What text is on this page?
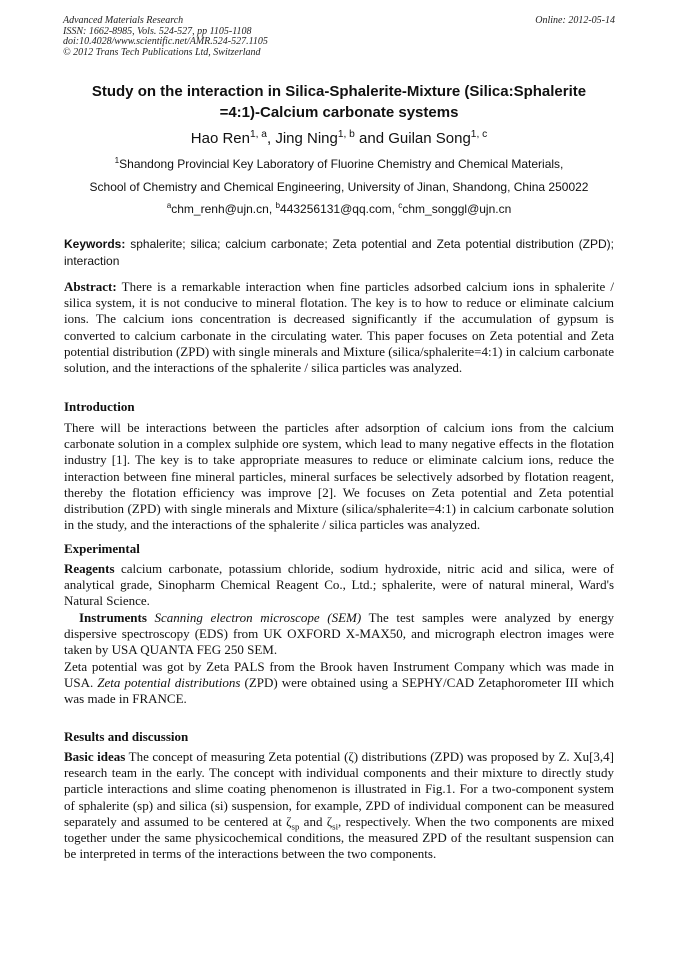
Advanced Materials Research
ISSN: 1662-8985, Vols. 524-527, pp 1105-1108
doi:10.4028/www.scientific.net/AMR.524-527.1105
© 2012 Trans Tech Publications Ltd, Switzerland
Online: 2012-05-14
Study on the interaction in Silica-Sphalerite-Mixture (Silica:Sphalerite
=4:1)-Calcium carbonate systems
Hao Ren$^{1, a}$, Jing Ning$^{1, b}$ and Guilan Song$^{1, c}$
$^1$Shandong Provincial Key Laboratory of Fluorine Chemistry and Chemical Materials,
School of Chemistry and Chemical Engineering, University of Jinan, Shandong, China 250022
$^a$chm_renh@ujn.cn, $^b$443256131@qq.com, $^c$chm_songgl@ujn.cn
Keywords: sphalerite; silica; calcium carbonate; Zeta potential and Zeta potential distribution (ZPD); interaction
Abstract: There is a remarkable interaction when fine particles adsorbed calcium ions in sphalerite / silica system, it is not conducive to mineral flotation. The key is to how to reduce or eliminate calcium ions. The calcium ions concentration is decreased significantly if the accumulation of gypsum is converted to calcium carbonate in the circulating water. This paper focuses on Zeta potential and Zeta potential distribution (ZPD) with single minerals and Mixture (silica/sphalerite=4:1) in calcium carbonate solution, and the interactions of the sphalerite / silica particles was analyzed.
Introduction
There will be interactions between the particles after adsorption of calcium ions from the calcium carbonate solution in a complex sulphide ore system, which lead to many negative effects in the flotation industry [1]. The key is to take appropriate measures to reduce or eliminate calcium ions, reduce the interaction between fine mineral particles, mineral surfaces be selectively adsorbed by flotation reagent, thereby the flotation efficiency was improve [2]. We focuses on Zeta potential and Zeta potential distribution (ZPD) with single minerals and Mixture (silica/sphalerite=4:1) in calcium carbonate solution in the study, and the interactions of the sphalerite / silica particles was analyzed.
Experimental
Reagents calcium carbonate, potassium chloride, sodium hydroxide, nitric acid and silica, were of analytical grade, Sinopharm Chemical Reagent Co., Ltd.; sphalerite, were of natural mineral, Ward's Natural Science.
Instruments Scanning electron microscope (SEM) The test samples were analyzed by energy dispersive spectroscopy (EDS) from UK OXFORD X-MAX50, and micrograph electron images were taken by USA QUANTA FEG 250 SEM.
Zeta potential was got by Zeta PALS from the Brook haven Instrument Company which was made in USA. Zeta potential distributions (ZPD) were obtained using a SEPHY/CAD Zetaphorometer III which was made in FRANCE.
Results and discussion
Basic ideas The concept of measuring Zeta potential (ζ) distributions (ZPD) was proposed by Z. Xu[3,4] research team in the early. The concept with individual components and their mixture to directly study particle interactions and slime coating phenomenon is illustrated in Fig.1. For a two-component system of sphalerite (sp) and silica (si) suspension, for example, ZPD of individual component can be measured separately and assumed to be centered at $\zeta_{sp}$ and $\zeta_{si}$, respectively. When the two components are mixed together under the same physicochemical conditions, the measured ZPD of the resultant suspension can be interpreted in terms of the interactions between the two components.
